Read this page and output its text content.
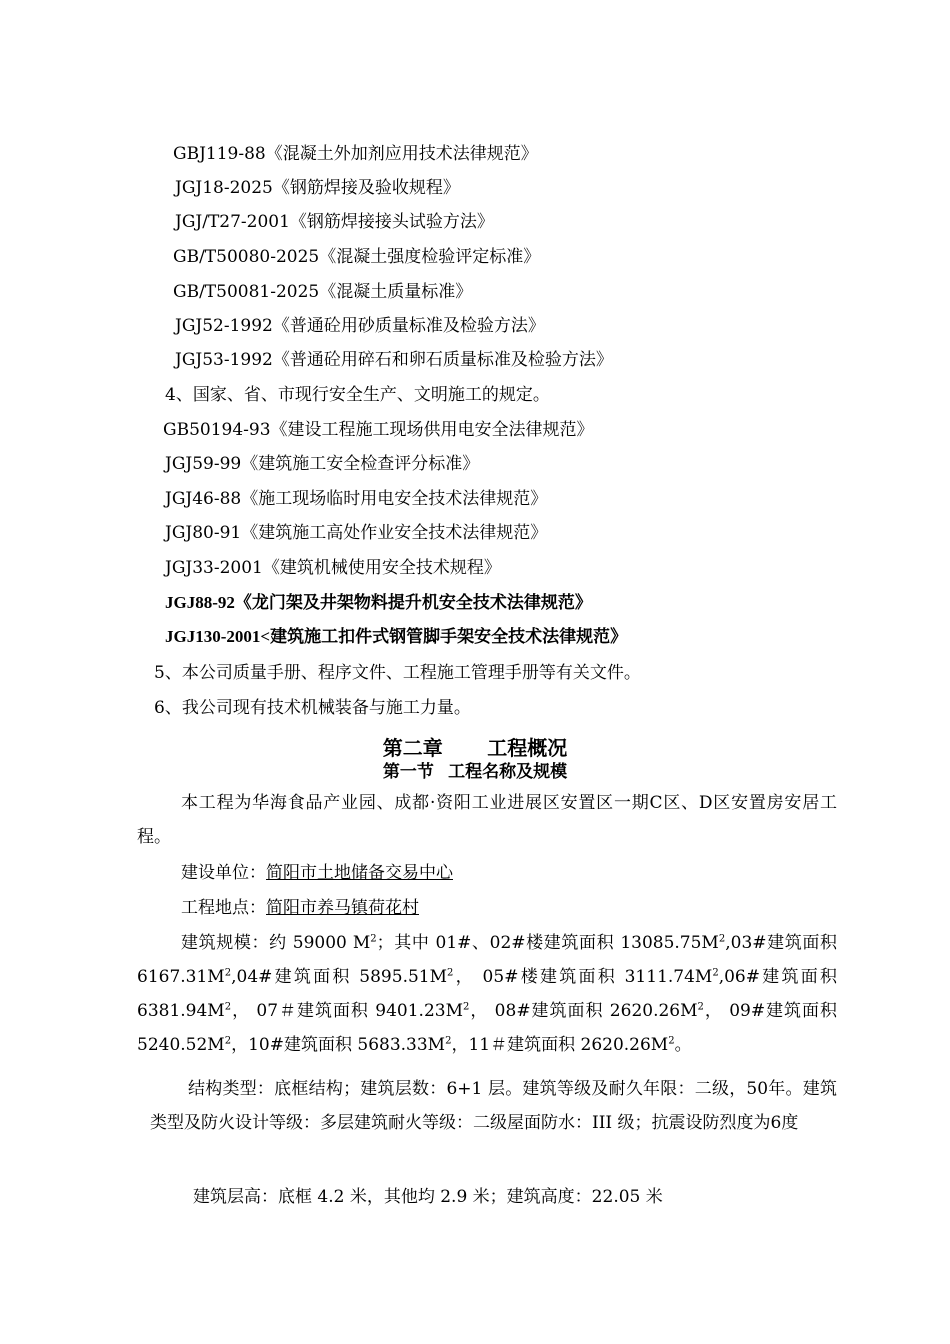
GBJ119-88《混凝土外加剂应用技术法律规范》
JGJ18-2025《钢筋焊接及验收规程》
JGJ/T27-2001《钢筋焊接接头试验方法》
GB/T50080-2025《混凝土强度检验评定标准》
GB/T50081-2025《混凝土质量标准》
JGJ52-1992《普通砼用砂质量标准及检验方法》
JGJ53-1992《普通砼用碎石和卵石质量标准及检验方法》
4、国家、省、市现行安全生产、文明施工的规定。
GB50194-93《建设工程施工现场供用电安全法律规范》
JGJ59-99《建筑施工安全检查评分标准》
JGJ46-88《施工现场临时用电安全技术法律规范》
JGJ80-91《建筑施工高处作业安全技术法律规范》
JGJ33-2001《建筑机械使用安全技术规程》
JGJ88-92《龙门架及井架物料提升机安全技术法律规范》
JGJ130-2001<建筑施工扣件式钢管脚手架安全技术法律规范》
5、本公司质量手册、程序文件、工程施工管理手册等有关文件。
6、我公司现有技术机械装备与施工力量。
第二章        工程概况
第一节   工程名称及规模
本工程为华海食品产业园、成都·资阳工业进展区安置区一期C区、D区安置房安居工程。
建设单位：简阳市土地储备交易中心
工程地点：简阳市养马镇荷花村
建筑规模：约 59000 $M^2$；其中 01#、02#楼建筑面积 $13085.75M^2,03\#$建筑面积 $6167.31M^2,04\#$建筑面积 $5895.51M^2$， 05#楼建筑面积 $3111.74M^2,06\#$建筑面积 $6381.94M^2$， 07＃建筑面积 $9401.23M^2$， 08#建筑面积 $2620.26M^2$， 09#建筑面积 $5240.52M^2$，10#建筑面积 $5683.33M^2$，11＃建筑面积 $2620.26M^2$。
结构类型：底框结构；建筑层数：6+1 层。建筑等级及耐久年限：二级，50年。建筑类型及防火设计等级：多层建筑耐火等级：二级屋面防水：III 级；抗震设防烈度为6度
建筑层高：底框 4.2 米，其他均 2.9 米；建筑高度：22.05 米
